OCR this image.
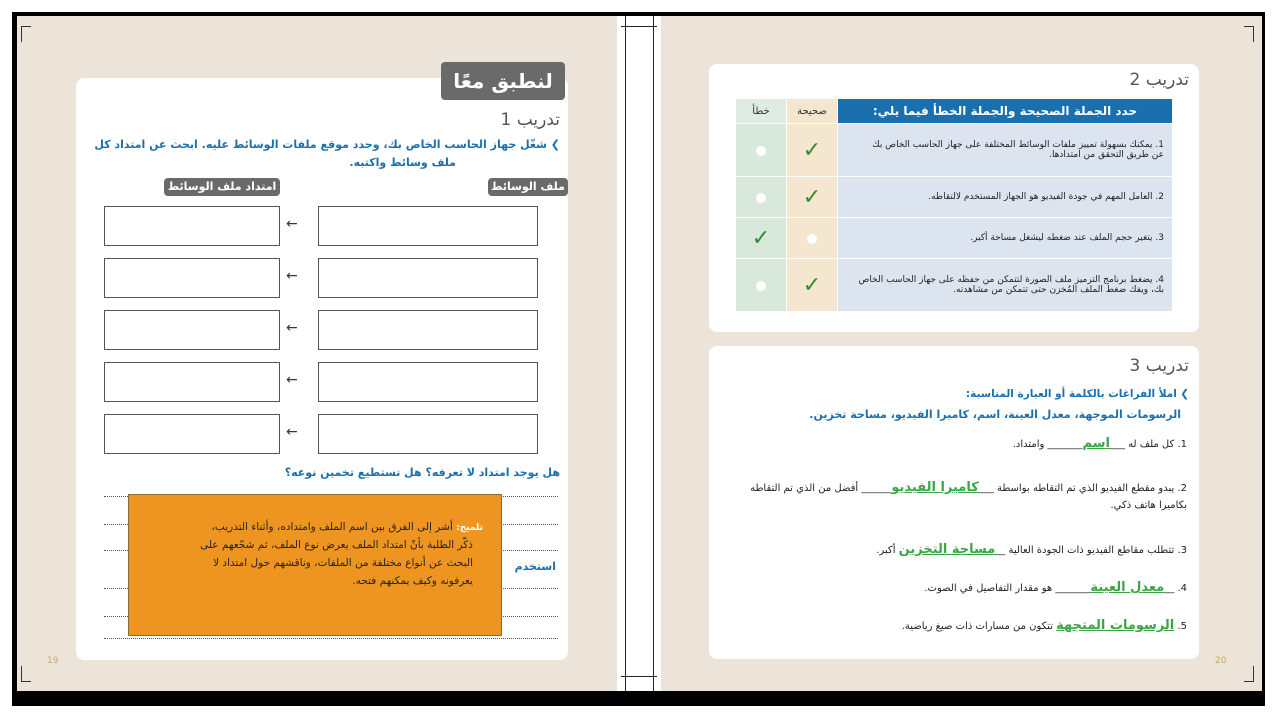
لنطبق معًا
تدريب 1
❯ شغّل جهاز الحاسب الخاص بك، وحدد موقع ملفات الوسائط عليه. ابحث عن امتداد كل
ملف وسائط واكتبه.
ملف الوسائط
امتداد ملف الوسائط
←
←
←
←
←
هل يوجد امتداد لا تعرفه؟ هل تستطيع تخمين نوعه؟
استخدم
تلميح: أشر إلى الفرق بين اسم الملف وامتداده، وأثناء التدريب،
ذكّر الطلبة بأنّ امتداد الملف يعرض نوع الملف، ثم شجّعهم على
البحث عن أنواع مختلفة من الملفات، وناقشهم حول امتداد لا
يعرفونه وكيف يمكنهم فتحه.
19
تدريب 2
خطأ	صحيحة	حدد الجملة الصحيحة والجملة الخطأ فيما يلي:
	✓	1. يمكنك بسهولة تمييز ملفات الوسائط المختلفة على جهاز الحاسب الخاص بك
عن طريق التحقق من امتدادها.

	✓	2. العامل المهم في جودة الفيديو هو الجهاز المستخدم لالتقاطه.
✓		3. يتغير حجم الملف عند ضغطه ليشغل مساحة أكبر.
	✓	4. يضغط برنامج الترميز ملف الصورة لتتمكن من حفظه على جهاز الحاسب الخاص
بك، ويفك ضغط الملف المُخزن حتى تتمكن من مشاهدته.
تدريب 3
❯ املأ الفراغات بالكلمة أو العبارة المناسبة:
الرسومات الموجهة، معدل العينة، اسم، كاميرا الفيديو، مساحة تخزين.
1. كل ملف له ___اسم_______ وامتداد.
2. يبدو مقطع الفيديو الذي تم التقاطه بواسطة ___كاميرا الفيديو______ أفضل من الذي تم التقاطه
بكاميرا هاتف ذكي.
3. تتطلب مقاطع الفيديو ذات الجودة العالية __مساحة التخزين أكبر.
4. __معدل العينة_______ هو مقدار التفاصيل في الصوت.
5. الرسومات المتجهة تتكون من مسارات ذات صيغ رياضية.
20
